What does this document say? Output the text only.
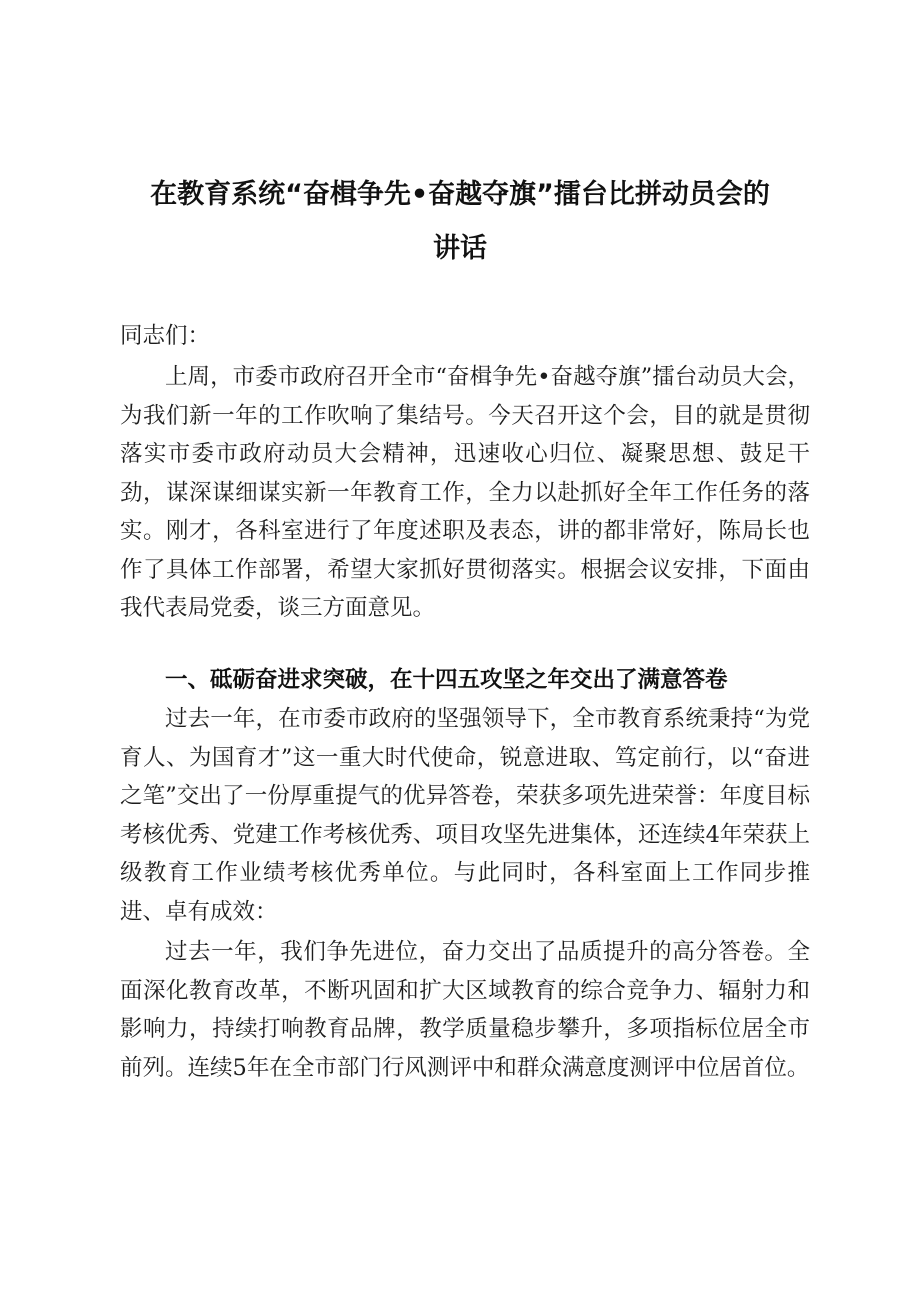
在教育系统“奋楫争先•奋越夺旗”擂台比拼动员会的
讲话

同志们：

上周，市委市政府召开全市“奋楫争先•奋越夺旗”擂台动员大会，为我们新一年的工作吹响了集结号。今天召开这个会，目的就是贯彻落实市委市政府动员大会精神，迅速收心归位、凝聚思想、鼓足干劲，谋深谋细谋实新一年教育工作，全力以赴抓好全年工作任务的落实。刚才，各科室进行了年度述职及表态，讲的都非常好，陈局长也作了具体工作部署，希望大家抓好贯彻落实。根据会议安排，下面由我代表局党委，谈三方面意见。

一、砥砺奋进求突破，在十四五攻坚之年交出了满意答卷

过去一年，在市委市政府的坚强领导下，全市教育系统秉持“为党育人、为国育才”这一重大时代使命，锐意进取、笃定前行，以“奋进之笔”交出了一份厚重提气的优异答卷，荣获多项先进荣誉：年度目标考核优秀、党建工作考核优秀、项目攻坚先进集体，还连续4年荣获上级教育工作业绩考核优秀单位。与此同时，各科室面上工作同步推进、卓有成效：

过去一年，我们争先进位，奋力交出了品质提升的高分答卷。全面深化教育改革，不断巩固和扩大区域教育的综合竞争力、辐射力和影响力，持续打响教育品牌，教学质量稳步攀升，多项指标位居全市前列。连续5年在全市部门行风测评中和群众满意度测评中位居首位。
